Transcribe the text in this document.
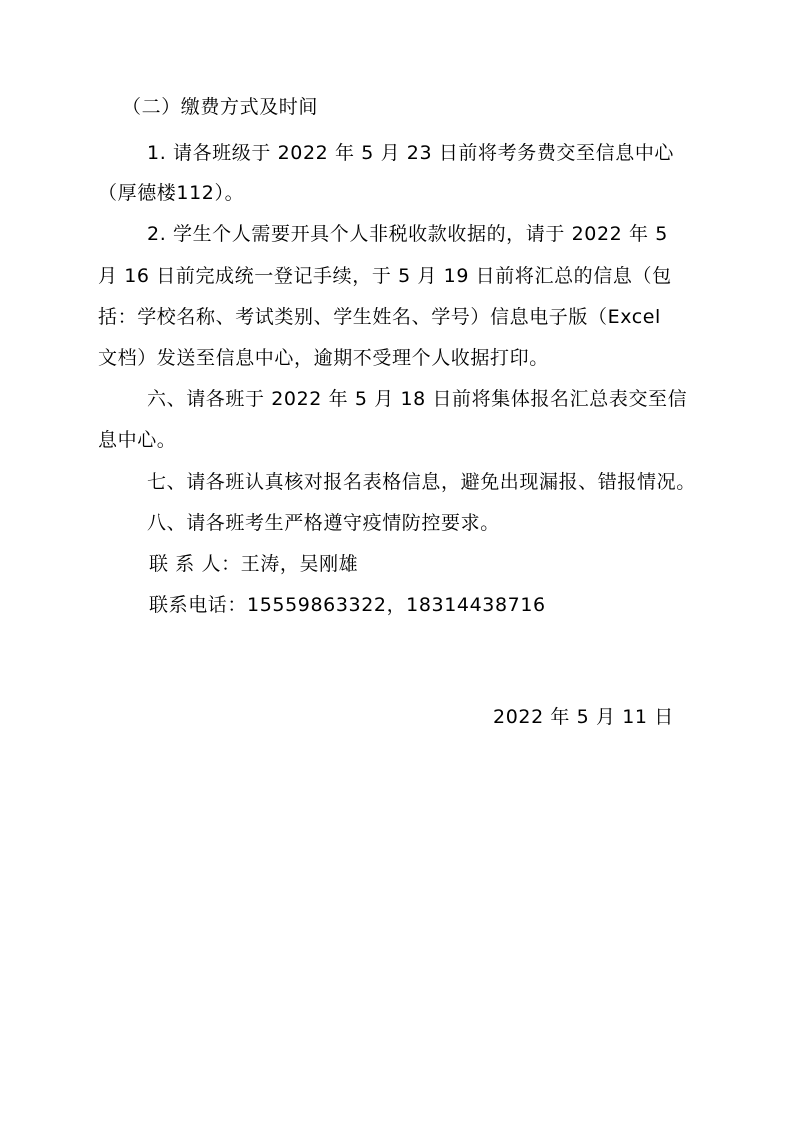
（二）缴费方式及时间
1. 请各班级于 2022 年 5 月 23 日前将考务费交至信息中心
（厚德楼112）。
2. 学生个人需要开具个人非税收款收据的，请于 2022 年 5
月 16 日前完成统一登记手续，于 5 月 19 日前将汇总的信息（包
括：学校名称、考试类别、学生姓名、学号）信息电子版（Excel
文档）发送至信息中心，逾期不受理个人收据打印。
六、请各班于 2022 年 5 月 18 日前将集体报名汇总表交至信
息中心。
七、请各班认真核对报名表格信息，避免出现漏报、错报情况。
八、请各班考生严格遵守疫情防控要求。
联 系 人：王涛，吴刚雄
联系电话：15559863322，18314438716
2022 年 5 月 11 日
